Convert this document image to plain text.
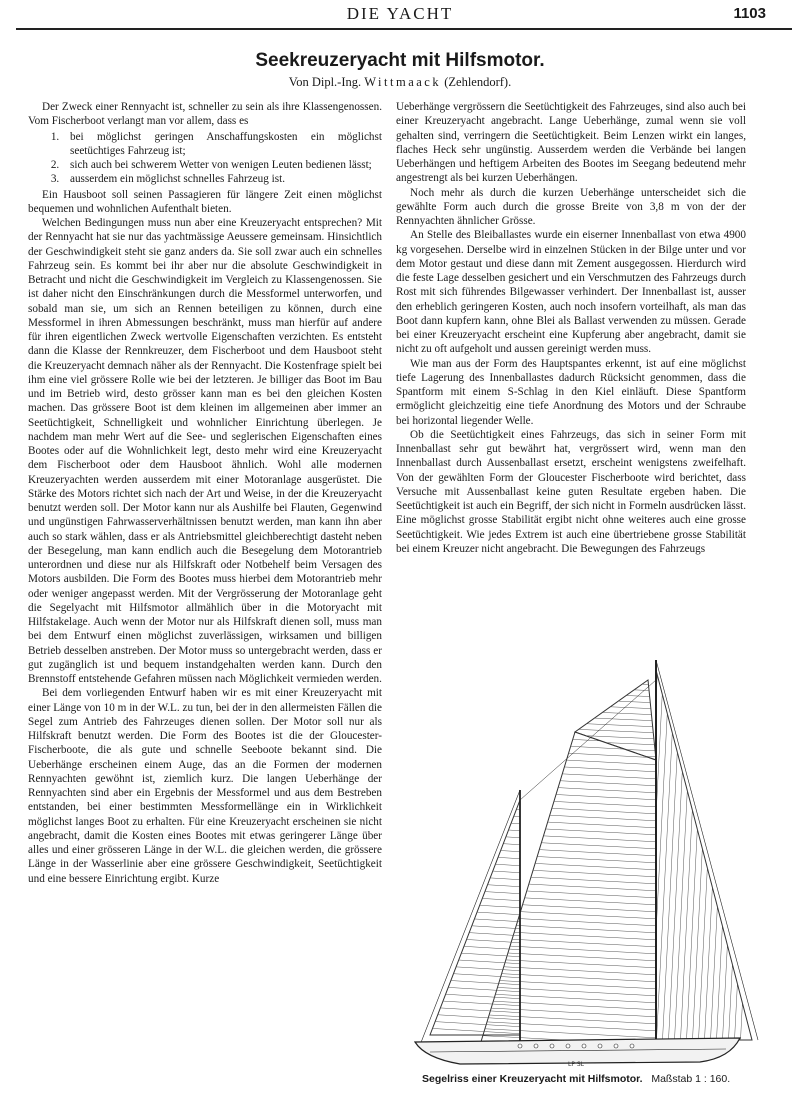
DIE YACHT	1103
Seekreuzeryacht mit Hilfsmotor.
Von Dipl.-Ing. Wittmaack (Zehlendorf).

Der Zweck einer Rennyacht ist, schneller zu sein als ihre Klassengenossen. Vom Fischerboot verlangt man vor allem, dass es

1. bei möglichst geringen Anschaffungskosten ein möglichst seetüchtiges Fahrzeug ist;
2. sich auch bei schwerem Wetter von wenigen Leuten bedienen lässt;
3. ausserdem ein möglichst schnelles Fahrzeug ist.

Ein Hausboot soll seinen Passagieren für längere Zeit einen möglichst bequemen und wohnlichen Aufenthalt bieten.

Welchen Bedingungen muss nun aber eine Kreuzeryacht entsprechen? Mit der Rennyacht hat sie nur das yachtmässige Aeussere gemeinsam. Hinsichtlich der Geschwindigkeit steht sie ganz anders da. Sie soll zwar auch ein schnelles Fahrzeug sein. Es kommt bei ihr aber nur die absolute Geschwindigkeit in Betracht und nicht die Geschwindigkeit im Vergleich zu Klassengenossen. Sie ist daher nicht den Einschränkungen durch die Messformel unterworfen, und sobald man sie, um sich an Rennen beteiligen zu können, durch eine Messformel in ihren Abmessungen beschränkt, muss man hierfür auf andere für ihren eigentlichen Zweck wertvolle Eigenschaften verzichten. Es entsteht dann die Klasse der Rennkreuzer, dem Fischerboot und dem Hausboot steht die Kreuzeryacht demnach näher als der Rennyacht. Die Kostenfrage spielt bei ihm eine viel grössere Rolle wie bei der letzteren. Je billiger das Boot im Bau und im Betrieb wird, desto grösser kann man es bei den gleichen Kosten machen. Das grössere Boot ist dem kleinen im allgemeinen aber immer an Seetüchtigkeit, Schnelligkeit und wohnlicher Einrichtung überlegen. Je nachdem man mehr Wert auf die See- und seglerischen Eigenschaften eines Bootes oder auf die Wohnlichkeit legt, desto mehr wird eine Kreuzeryacht dem Fischerboot oder dem Hausboot ähnlich. Wohl alle modernen Kreuzeryachten werden ausserdem mit einer Motoranlage ausgerüstet. Die Stärke des Motors richtet sich nach der Art und Weise, in der die Kreuzeryacht benutzt werden soll. Der Motor kann nur als Aushilfe bei Flauten, Gegenwind und ungünstigen Fahrwasserverhältnissen benutzt werden, man kann ihn aber auch so stark wählen, dass er als Antriebsmittel gleichberechtigt dasteht neben der Besegelung, man kann endlich auch die Besegelung dem Motorantrieb unterordnen und diese nur als Hilfskraft oder Notbehelf beim Versagen des Motors ausbilden. Die Form des Bootes muss hierbei dem Motorantrieb mehr oder weniger angepasst werden. Mit der Vergrösserung der Motoranlage geht die Segelyacht mit Hilfsmotor allmählich über in die Motoryacht mit Hilfstakelage. Auch wenn der Motor nur als Hilfskraft dienen soll, muss man bei dem Entwurf einen möglichst zuverlässigen, wirksamen und billigen Betrieb desselben anstreben. Der Motor muss so untergebracht werden, dass er gut zugänglich ist und bequem instandgehalten werden kann. Durch den Brennstoff entstehende Gefahren müssen nach Möglichkeit vermieden werden.

Bei dem vorliegenden Entwurf haben wir es mit einer Kreuzeryacht mit einer Länge von 10 m in der W.L. zu tun, bei der in den allermeisten Fällen die Segel zum Antrieb des Fahrzeuges dienen sollen. Der Motor soll nur als Hilfskraft benutzt werden. Die Form des Bootes ist die der Gloucester-Fischerboote, die als gute und schnelle Seeboote bekannt sind. Die Ueberhänge erscheinen einem Auge, das an die Formen der modernen Rennyachten gewöhnt ist, ziemlich kurz. Die langen Ueberhänge der Rennyachten sind aber ein Ergebnis der Messformel und aus dem Bestreben entstanden, bei einer bestimmten Messformellänge ein in Wirklichkeit möglichst langes Boot zu erhalten. Für eine Kreuzeryacht erscheinen sie nicht angebracht, damit die Kosten eines Bootes mit etwas geringerer Länge über alles und einer grösseren Länge in der W.L. die gleichen werden, die grössere Länge in der Wasserlinie aber eine grössere Geschwindigkeit, Seetüchtigkeit und eine bessere Einrichtung ergibt. Kurze

Ueberhänge vergrössern die Seetüchtigkeit des Fahrzeuges, sind also auch bei einer Kreuzeryacht angebracht. Lange Ueberhänge, zumal wenn sie voll gehalten sind, verringern die Seetüchtigkeit. Beim Lenzen wirkt ein langes, flaches Heck sehr ungünstig. Ausserdem werden die Verbände bei langen Ueberhängen und heftigem Arbeiten des Bootes im Seegang bedeutend mehr angestrengt als bei kurzen Ueberhängen.

Noch mehr als durch die kurzen Ueberhänge unterscheidet sich die gewählte Form auch durch die grosse Breite von 3,8 m von der der Rennyachten ähnlicher Grösse.

An Stelle des Bleiballastes wurde ein eiserner Innenballast von etwa 4900 kg vorgesehen. Derselbe wird in einzelnen Stücken in der Bilge unter und vor dem Motor gestaut und diese dann mit Zement ausgegossen. Hierdurch wird die feste Lage desselben gesichert und ein Verschmutzen des Fahrzeugs durch Rost mit sich führendes Bilgewasser verhindert. Der Innenballast ist, ausser den erheblich geringeren Kosten, auch noch insofern vorteilhaft, als man das Boot dann kupfern kann, ohne Blei als Ballast verwenden zu müssen. Gerade bei einer Kreuzeryacht erscheint eine Kupferung aber angebracht, damit sie nicht zu oft aufgeholt und aussen gereinigt werden muss.

Wie man aus der Form des Hauptspantes erkennt, ist auf eine möglichst tiefe Lagerung des Innenballastes dadurch Rücksicht genommen, dass die Spantform mit einem S-Schlag in den Kiel einläuft. Diese Spantform ermöglicht gleichzeitig eine tiefe Anordnung des Motors und der Schraube bei horizontal liegender Welle.

Ob die Seetüchtigkeit eines Fahrzeugs, das sich in seiner Form mit Innenballast sehr gut bewährt hat, vergrössert wird, wenn man den Innenballast durch Aussenballast ersetzt, erscheint wenigstens zweifelhaft. Von der gewählten Form der Gloucester Fischerboote wird berichtet, dass Versuche mit Aussenballast keine guten Resultate ergeben haben. Die Seetüchtigkeit ist auch ein Begriff, der sich nicht in Formeln ausdrücken lässt. Eine möglichst grosse Stabilität ergibt nicht ohne weiteres auch eine grosse Seetüchtigkeit. Wie jedes Extrem ist auch eine übertriebene grosse Stabilität bei einem Kreuzer nicht angebracht. Die Bewegungen des Fahrzeugs

LP SL
Segelriss einer Kreuzeryacht mit Hilfsmotor. Maßstab 1 : 160.
